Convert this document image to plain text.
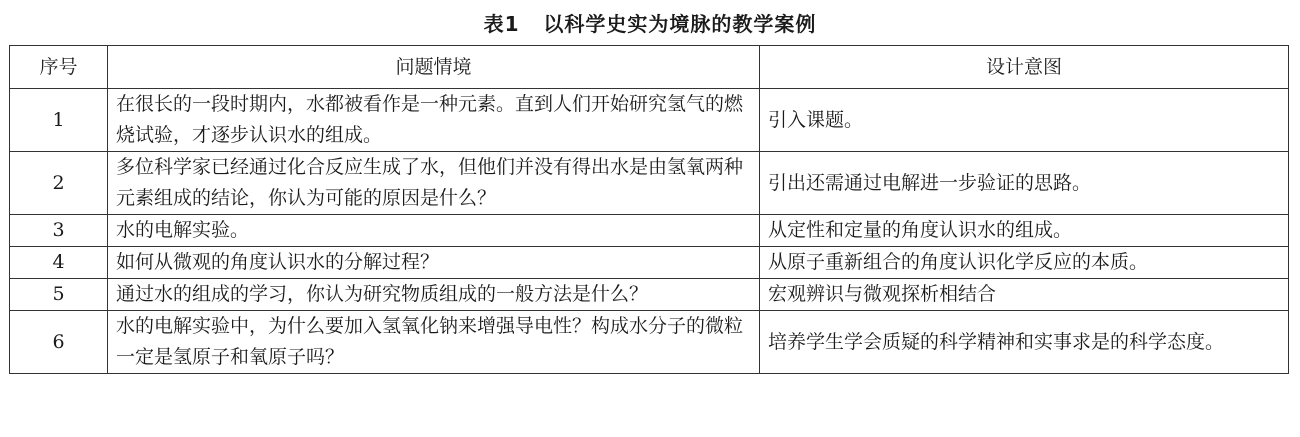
表1 以科学史实为境脉的教学案例
序号	问题情境	设计意图
1	在很长的一段时期内，水都被看作是一种元素。直到人们开始研究氢气的燃烧试验，才逐步认识水的组成。	引入课题。
2	多位科学家已经通过化合反应生成了水，但他们并没有得出水是由氢氧两种元素组成的结论，你认为可能的原因是什么？	引出还需通过电解进一步验证的思路。
3	水的电解实验。	从定性和定量的角度认识水的组成。
4	如何从微观的角度认识水的分解过程？	从原子重新组合的角度认识化学反应的本质。
5	通过水的组成的学习，你认为研究物质组成的一般方法是什么？	宏观辨识与微观探析相结合
6	水的电解实验中，为什么要加入氢氧化钠来增强导电性？构成水分子的微粒一定是氢原子和氧原子吗？	培养学生学会质疑的科学精神和实事求是的科学态度。
